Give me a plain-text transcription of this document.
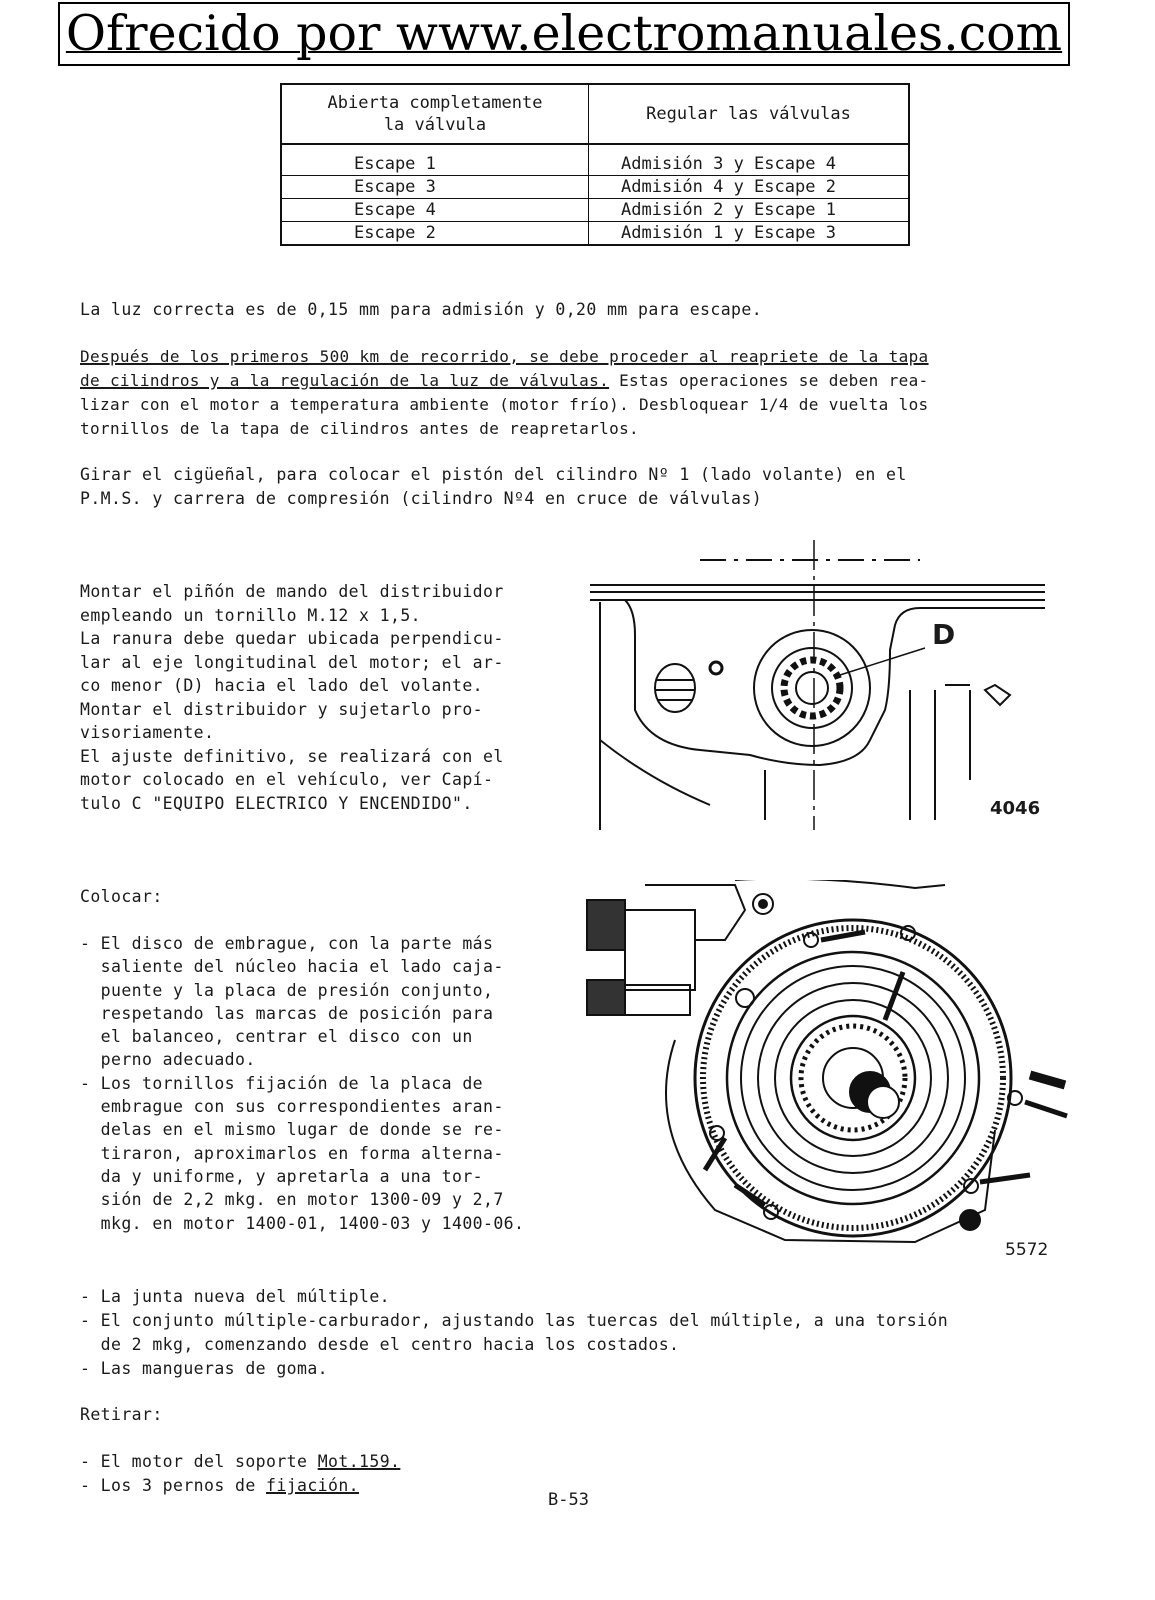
Ofrecido por www.electromanuales.com
Abierta completamente
la válvula	Regular las válvulas
Escape 1	Admisión 3 y Escape 4
Escape 3	Admisión 4 y Escape 2
Escape 4	Admisión 2 y Escape 1
Escape 2	Admisión 1 y Escape 3

La luz correcta es de 0,15 mm para admisión y 0,20 mm para escape.

Después de los primeros 500 km de recorrido, se debe proceder al reapriete de la tapa
de cilindros y a la regulación de la luz de válvulas. Estas operaciones se deben rea-
lizar con el motor a temperatura ambiente (motor frío). Desbloquear 1/4 de vuelta los
tornillos de la tapa de cilindros antes de reapretarlos.

Girar el cigüeñal, para colocar el pistón del cilindro Nº 1 (lado volante) en el
P.M.S. y carrera de compresión (cilindro Nº4 en cruce de válvulas)

Montar el piñón de mando del distribuidor
empleando un tornillo M.12 x 1,5.
La ranura debe quedar ubicada perpendicu-
lar al eje longitudinal del motor; el ar-
co menor (D) hacia el lado del volante.
Montar el distribuidor y sujetarlo pro-
visoriamente.
El ajuste definitivo, se realizará con el
motor colocado en el vehículo, ver Capí-
tulo C "EQUIPO ELECTRICO Y ENCENDIDO".

D
4046

Colocar:

- El disco de embrague, con la parte más
saliente del núcleo hacia el lado caja-
puente y la placa de presión conjunto,
respetando las marcas de posición para
el balanceo, centrar el disco con un
perno adecuado.
- Los tornillos fijación de la placa de
embrague con sus correspondientes aran-
delas en el mismo lugar de donde se re-
tiraron, aproximarlos en forma alterna-
da y uniforme, y apretarla a una tor-
sión de 2,2 mkg. en motor 1300-09 y 2,7
mkg. en motor 1400-01, 1400-03 y 1400-06.

5572

- La junta nueva del múltiple.
- El conjunto múltiple-carburador, ajustando las tuercas del múltiple, a una torsión
de 2 mkg, comenzando desde el centro hacia los costados.
- Las mangueras de goma.

Retirar:

- El motor del soporte Mot.159.
- Los 3 pernos de fijación.

B-53
